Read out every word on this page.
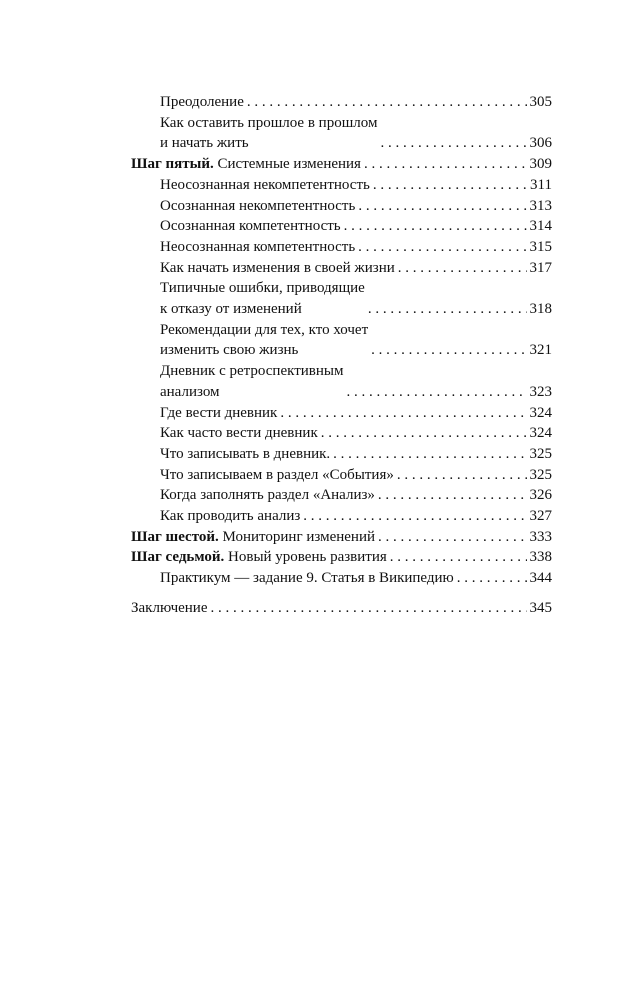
Преодоление . . .	305
Как оставить прошлое в прошлом
и начать жить . . .	306
Шаг пятый. Системные изменения . . .	309
Неосознанная некомпетентность . . .	311
Осознанная некомпетентность . . .	313
Осознанная компетентность . . .	314
Неосознанная компетентность . . .	315
Как начать изменения в своей жизни . . .	317
Типичные ошибки, приводящие
к отказу от изменений . . .	318
Рекомендации для тех, кто хочет
изменить свою жизнь . . .	321
Дневник с ретроспективным
анализом . . .	323
Где вести дневник . . .	324
Как часто вести дневник . . .	324
Что записывать в дневник. . . .	325
Что записываем в раздел «События» . . .	325
Когда заполнять раздел «Анализ» . . .	326
Как проводить анализ . . .	327
Шаг шестой. Мониторинг изменений . . .	333
Шаг седьмой. Новый уровень развития . . .	338
Практикум — задание 9. Статья в Википедию . . .	344
Заключение . . .	345
